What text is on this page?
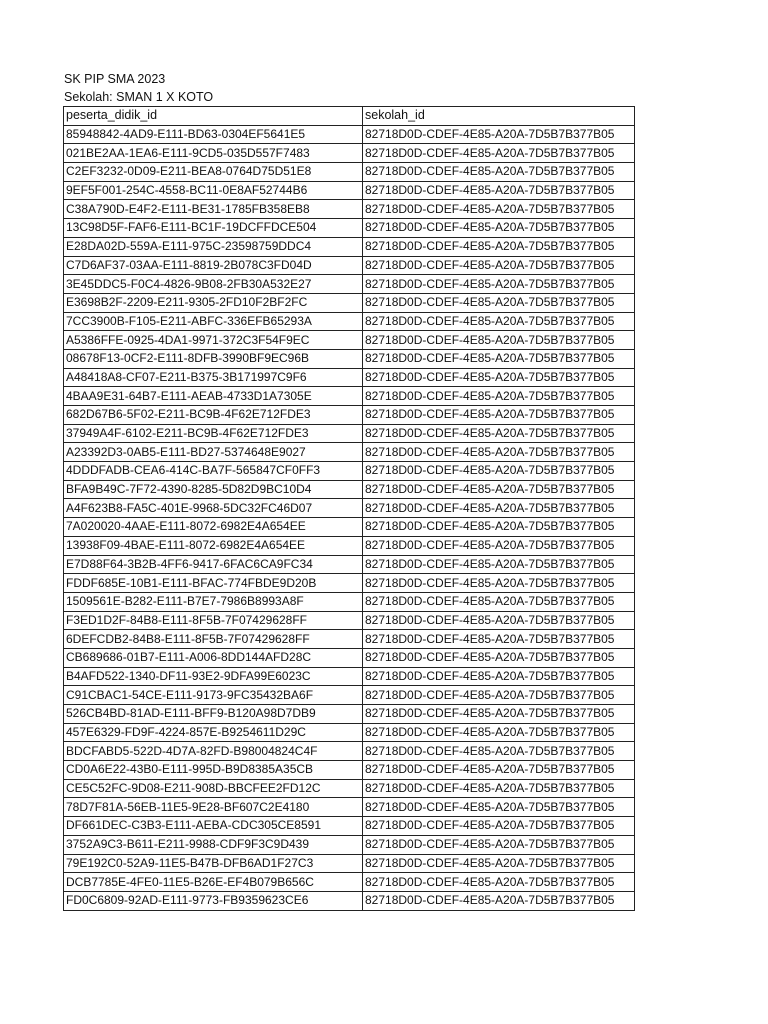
SK PIP SMA 2023
Sekolah: SMAN 1 X KOTO
peserta_didik_id	sekolah_id
85948842-4AD9-E111-BD63-0304EF5641E5	82718D0D-CDEF-4E85-A20A-7D5B7B377B05
021BE2AA-1EA6-E111-9CD5-035D557F7483	82718D0D-CDEF-4E85-A20A-7D5B7B377B05
C2EF3232-0D09-E211-BEA8-0764D75D51E8	82718D0D-CDEF-4E85-A20A-7D5B7B377B05
9EF5F001-254C-4558-BC11-0E8AF52744B6	82718D0D-CDEF-4E85-A20A-7D5B7B377B05
C38A790D-E4F2-E111-BE31-1785FB358EB8	82718D0D-CDEF-4E85-A20A-7D5B7B377B05
13C98D5F-FAF6-E111-BC1F-19DCFFDCE504	82718D0D-CDEF-4E85-A20A-7D5B7B377B05
E28DA02D-559A-E111-975C-23598759DDC4	82718D0D-CDEF-4E85-A20A-7D5B7B377B05
C7D6AF37-03AA-E111-8819-2B078C3FD04D	82718D0D-CDEF-4E85-A20A-7D5B7B377B05
3E45DDC5-F0C4-4826-9B08-2FB30A532E27	82718D0D-CDEF-4E85-A20A-7D5B7B377B05
E3698B2F-2209-E211-9305-2FD10F2BF2FC	82718D0D-CDEF-4E85-A20A-7D5B7B377B05
7CC3900B-F105-E211-ABFC-336EFB65293A	82718D0D-CDEF-4E85-A20A-7D5B7B377B05
A5386FFE-0925-4DA1-9971-372C3F54F9EC	82718D0D-CDEF-4E85-A20A-7D5B7B377B05
08678F13-0CF2-E111-8DFB-3990BF9EC96B	82718D0D-CDEF-4E85-A20A-7D5B7B377B05
A48418A8-CF07-E211-B375-3B171997C9F6	82718D0D-CDEF-4E85-A20A-7D5B7B377B05
4BAA9E31-64B7-E111-AEAB-4733D1A7305E	82718D0D-CDEF-4E85-A20A-7D5B7B377B05
682D67B6-5F02-E211-BC9B-4F62E712FDE3	82718D0D-CDEF-4E85-A20A-7D5B7B377B05
37949A4F-6102-E211-BC9B-4F62E712FDE3	82718D0D-CDEF-4E85-A20A-7D5B7B377B05
A23392D3-0AB5-E111-BD27-5374648E9027	82718D0D-CDEF-4E85-A20A-7D5B7B377B05
4DDDFADB-CEA6-414C-BA7F-565847CF0FF3	82718D0D-CDEF-4E85-A20A-7D5B7B377B05
BFA9B49C-7F72-4390-8285-5D82D9BC10D4	82718D0D-CDEF-4E85-A20A-7D5B7B377B05
A4F623B8-FA5C-401E-9968-5DC32FC46D07	82718D0D-CDEF-4E85-A20A-7D5B7B377B05
7A020020-4AAE-E111-8072-6982E4A654EE	82718D0D-CDEF-4E85-A20A-7D5B7B377B05
13938F09-4BAE-E111-8072-6982E4A654EE	82718D0D-CDEF-4E85-A20A-7D5B7B377B05
E7D88F64-3B2B-4FF6-9417-6FAC6CA9FC34	82718D0D-CDEF-4E85-A20A-7D5B7B377B05
FDDF685E-10B1-E111-BFAC-774FBDE9D20B	82718D0D-CDEF-4E85-A20A-7D5B7B377B05
1509561E-B282-E111-B7E7-7986B8993A8F	82718D0D-CDEF-4E85-A20A-7D5B7B377B05
F3ED1D2F-84B8-E111-8F5B-7F07429628FF	82718D0D-CDEF-4E85-A20A-7D5B7B377B05
6DEFCDB2-84B8-E111-8F5B-7F07429628FF	82718D0D-CDEF-4E85-A20A-7D5B7B377B05
CB689686-01B7-E111-A006-8DD144AFD28C	82718D0D-CDEF-4E85-A20A-7D5B7B377B05
B4AFD522-1340-DF11-93E2-9DFA99E6023C	82718D0D-CDEF-4E85-A20A-7D5B7B377B05
C91CBAC1-54CE-E111-9173-9FC35432BA6F	82718D0D-CDEF-4E85-A20A-7D5B7B377B05
526CB4BD-81AD-E111-BFF9-B120A98D7DB9	82718D0D-CDEF-4E85-A20A-7D5B7B377B05
457E6329-FD9F-4224-857E-B9254611D29C	82718D0D-CDEF-4E85-A20A-7D5B7B377B05
BDCFABD5-522D-4D7A-82FD-B98004824C4F	82718D0D-CDEF-4E85-A20A-7D5B7B377B05
CD0A6E22-43B0-E111-995D-B9D8385A35CB	82718D0D-CDEF-4E85-A20A-7D5B7B377B05
CE5C52FC-9D08-E211-908D-BBCFEE2FD12C	82718D0D-CDEF-4E85-A20A-7D5B7B377B05
78D7F81A-56EB-11E5-9E28-BF607C2E4180	82718D0D-CDEF-4E85-A20A-7D5B7B377B05
DF661DEC-C3B3-E111-AEBA-CDC305CE8591	82718D0D-CDEF-4E85-A20A-7D5B7B377B05
3752A9C3-B611-E211-9988-CDF9F3C9D439	82718D0D-CDEF-4E85-A20A-7D5B7B377B05
79E192C0-52A9-11E5-B47B-DFB6AD1F27C3	82718D0D-CDEF-4E85-A20A-7D5B7B377B05
DCB7785E-4FE0-11E5-B26E-EF4B079B656C	82718D0D-CDEF-4E85-A20A-7D5B7B377B05
FD0C6809-92AD-E111-9773-FB9359623CE6	82718D0D-CDEF-4E85-A20A-7D5B7B377B05
